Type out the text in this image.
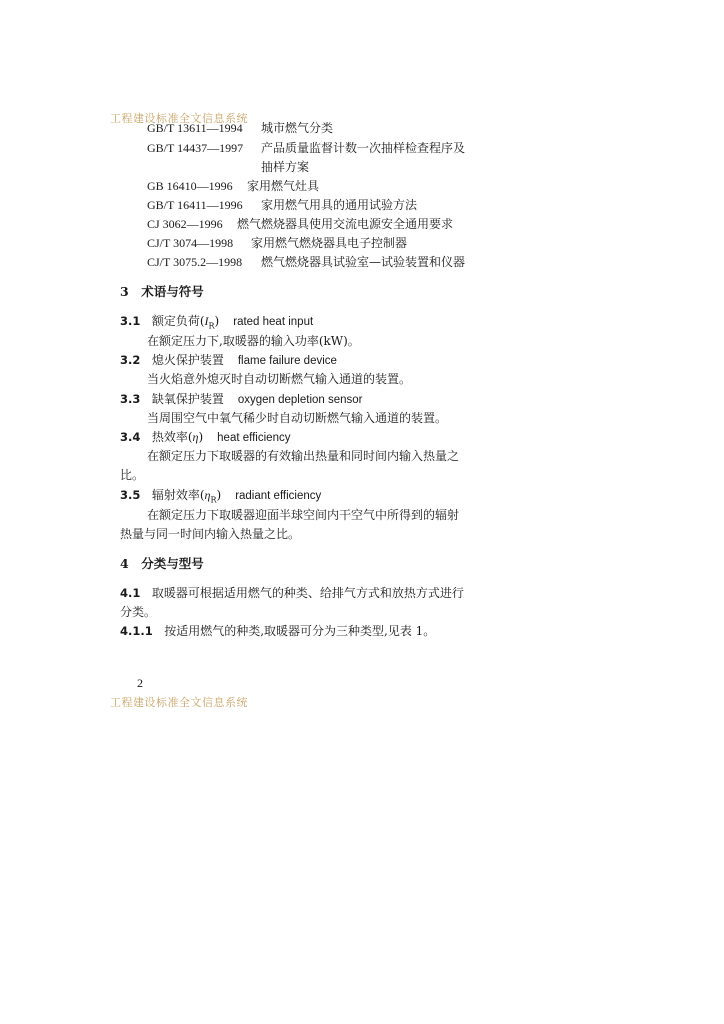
工程建设标准全文信息系统
GB/T 13611—1994 城市燃气分类
GB/T 14437—1997 产品质量监督计数一次抽样检查程序及
抽样方案
GB 16410—1996 家用燃气灶具
GB/T 16411—1996 家用燃气用具的通用试验方法
CJ 3062—1996 燃气燃烧器具使用交流电源安全通用要求
CJ/T 3074—1998 家用燃气燃烧器具电子控制器
CJ/T 3075.2—1998 燃气燃烧器具试验室—试验装置和仪器
3　术语与符号
3.1 额定负荷$(I_R)$ rated heat input
在额定压力下,取暖器的输入功率(kW)。
3.2 熄火保护装置 flame failure device
当火焰意外熄灭时自动切断燃气输入通道的装置。
3.3 缺氧保护装置 oxygen depletion sensor
当周围空气中氧气稀少时自动切断燃气输入通道的装置。
3.4 热效率(η) heat efficiency
在额定压力下取暖器的有效输出热量和同时间内输入热量之
比。
3.5 辐射效率$(\eta_R)$ radiant efficiency
在额定压力下取暖器迎面半球空间内干空气中所得到的辐射
热量与同一时间内输入热量之比。
4　分类与型号
4.1 取暖器可根据适用燃气的种类、给排气方式和放热方式进行
分类。
4.1.1 按适用燃气的种类,取暖器可分为三种类型,见表 1。
2
工程建设标准全文信息系统
